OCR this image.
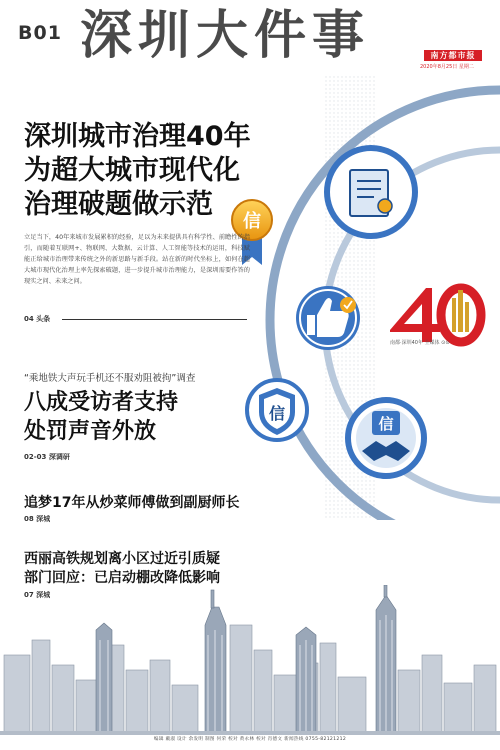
B01 深圳大件事	南方都市报
2020年8月25日 星期二
信
信
信
深圳城市治理40年
为超大城市现代化
治理破题做示范
立足当下，40年来城市发展累积的经验，足以为未来提供具有科学性、前瞻性的指引，而随着互联网+、物联网、大数据、云计算、人工智能等技术的运用，科技赋能正给城市治理带来传统之外的新思路与新手段。站在新的时代坐标上，如何在超大城市现代化治理上率先探索破题，进一步提升城市治理能力，是深圳需要作答的现实之问、未来之问。
04 头条
南都·深圳40年 全媒体 ⊙⊙
“乘地铁大声玩手机还不服劝阻被拘”调查
八成受访者支持
处罚声音外放
02-03 深调研
追梦17年从炒菜师傅做到副厨师长
08 深城
西丽高铁规划离小区过近引质疑
部门回应：已启动棚改降低影响
07 深城
编辑 戴淑 设计 余发明 制图 何荣 校对 黄永林 校对 肖德文 新闻热线 0755-82121212
